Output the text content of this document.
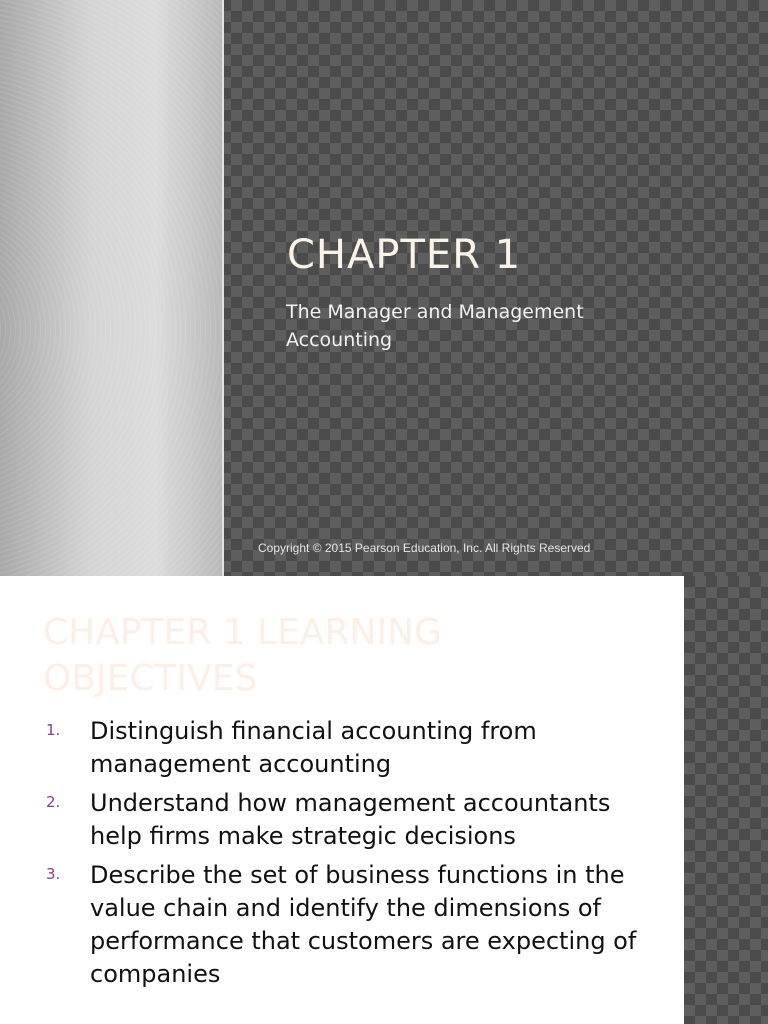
CHAPTER 1

The Manager and Management Accounting

Copyright © 2015 Pearson Education, Inc. All Rights Reserved

CHAPTER 1 LEARNING OBJECTIVES
1. Distinguish financial accounting from management accounting
2. Understand how management accountants help firms make strategic decisions
3. Describe the set of business functions in the value chain and identify the dimensions of performance that customers are expecting of companies
